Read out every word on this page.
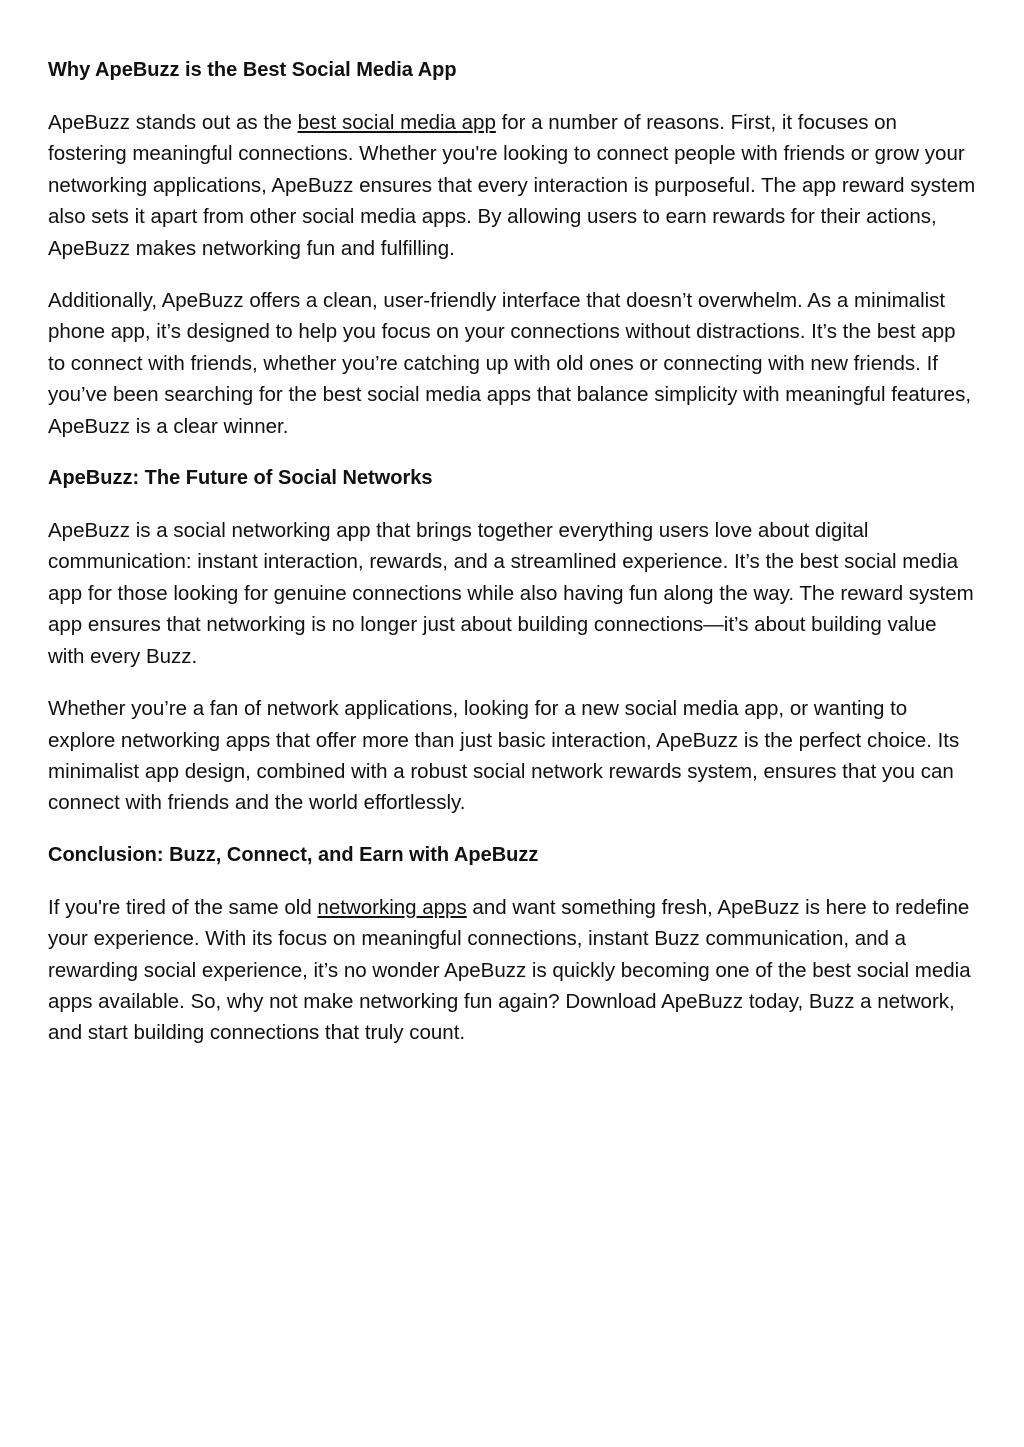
Why ApeBuzz is the Best Social Media App

ApeBuzz stands out as the best social media app for a number of reasons. First, it focuses on fostering meaningful connections. Whether you're looking to connect people with friends or grow your networking applications, ApeBuzz ensures that every interaction is purposeful. The app reward system also sets it apart from other social media apps. By allowing users to earn rewards for their actions, ApeBuzz makes networking fun and fulfilling.

Additionally, ApeBuzz offers a clean, user-friendly interface that doesn’t overwhelm. As a minimalist phone app, it’s designed to help you focus on your connections without distractions. It’s the best app to connect with friends, whether you’re catching up with old ones or connecting with new friends. If you’ve been searching for the best social media apps that balance simplicity with meaningful features, ApeBuzz is a clear winner.

ApeBuzz: The Future of Social Networks

ApeBuzz is a social networking app that brings together everything users love about digital communication: instant interaction, rewards, and a streamlined experience. It’s the best social media app for those looking for genuine connections while also having fun along the way. The reward system app ensures that networking is no longer just about building connections—it’s about building value with every Buzz.

Whether you’re a fan of network applications, looking for a new social media app, or wanting to explore networking apps that offer more than just basic interaction, ApeBuzz is the perfect choice. Its minimalist app design, combined with a robust social network rewards system, ensures that you can connect with friends and the world effortlessly.

Conclusion: Buzz, Connect, and Earn with ApeBuzz

If you're tired of the same old networking apps and want something fresh, ApeBuzz is here to redefine your experience. With its focus on meaningful connections, instant Buzz communication, and a rewarding social experience, it’s no wonder ApeBuzz is quickly becoming one of the best social media apps available. So, why not make networking fun again? Download ApeBuzz today, Buzz a network, and start building connections that truly count.
